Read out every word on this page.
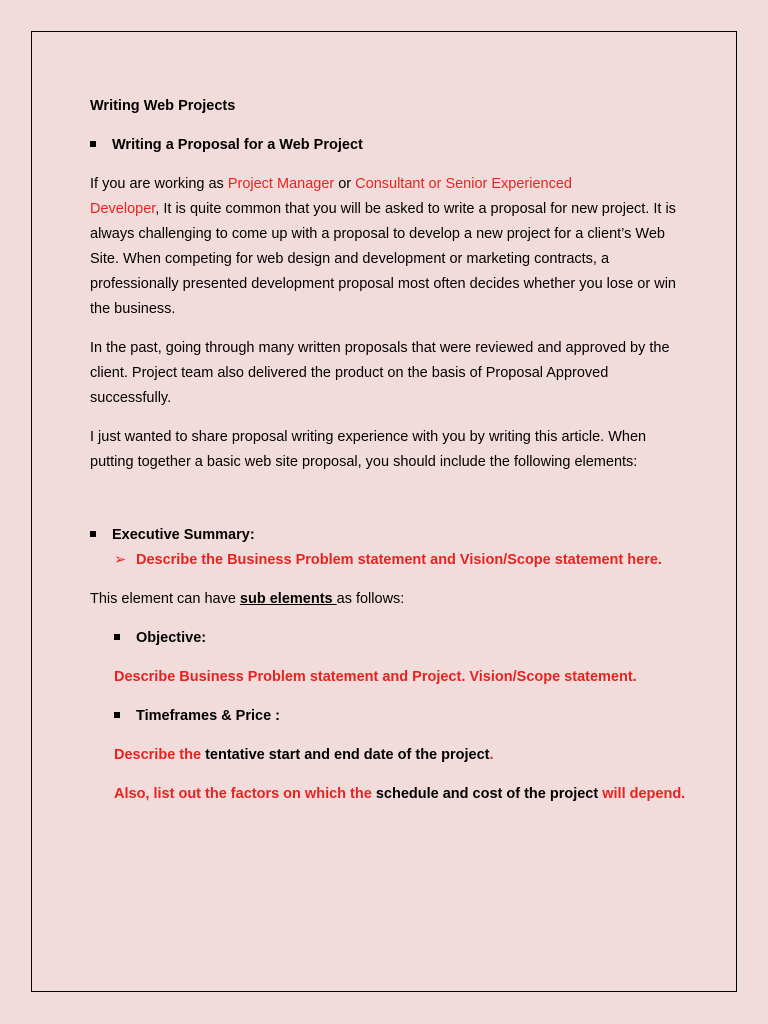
Writing Web Projects

Writing a Proposal for a Web Project

If you are working as Project Manager or Consultant or Senior Experienced
Developer, It is quite common that you will be asked to write a proposal for new project. It is always challenging to come up with a proposal to develop a new project for a client’s Web Site. When competing for web design and development or marketing contracts, a professionally presented development proposal most often decides whether you lose or win the business.

In the past, going through many written proposals that were reviewed and approved by the client. Project team also delivered the product on the basis of Proposal Approved successfully.

I just wanted to share proposal writing experience with you by writing this article. When putting together a basic web site proposal, you should include the following elements:

Executive Summary:
➢ Describe the Business Problem statement and Vision/Scope statement here.

This element can have sub elements as follows:

Objective:

Describe Business Problem statement and Project. Vision/Scope statement.

Timeframes & Price :

Describe the tentative start and end date of the project.

Also, list out the factors on which the schedule and cost of the project will depend.
